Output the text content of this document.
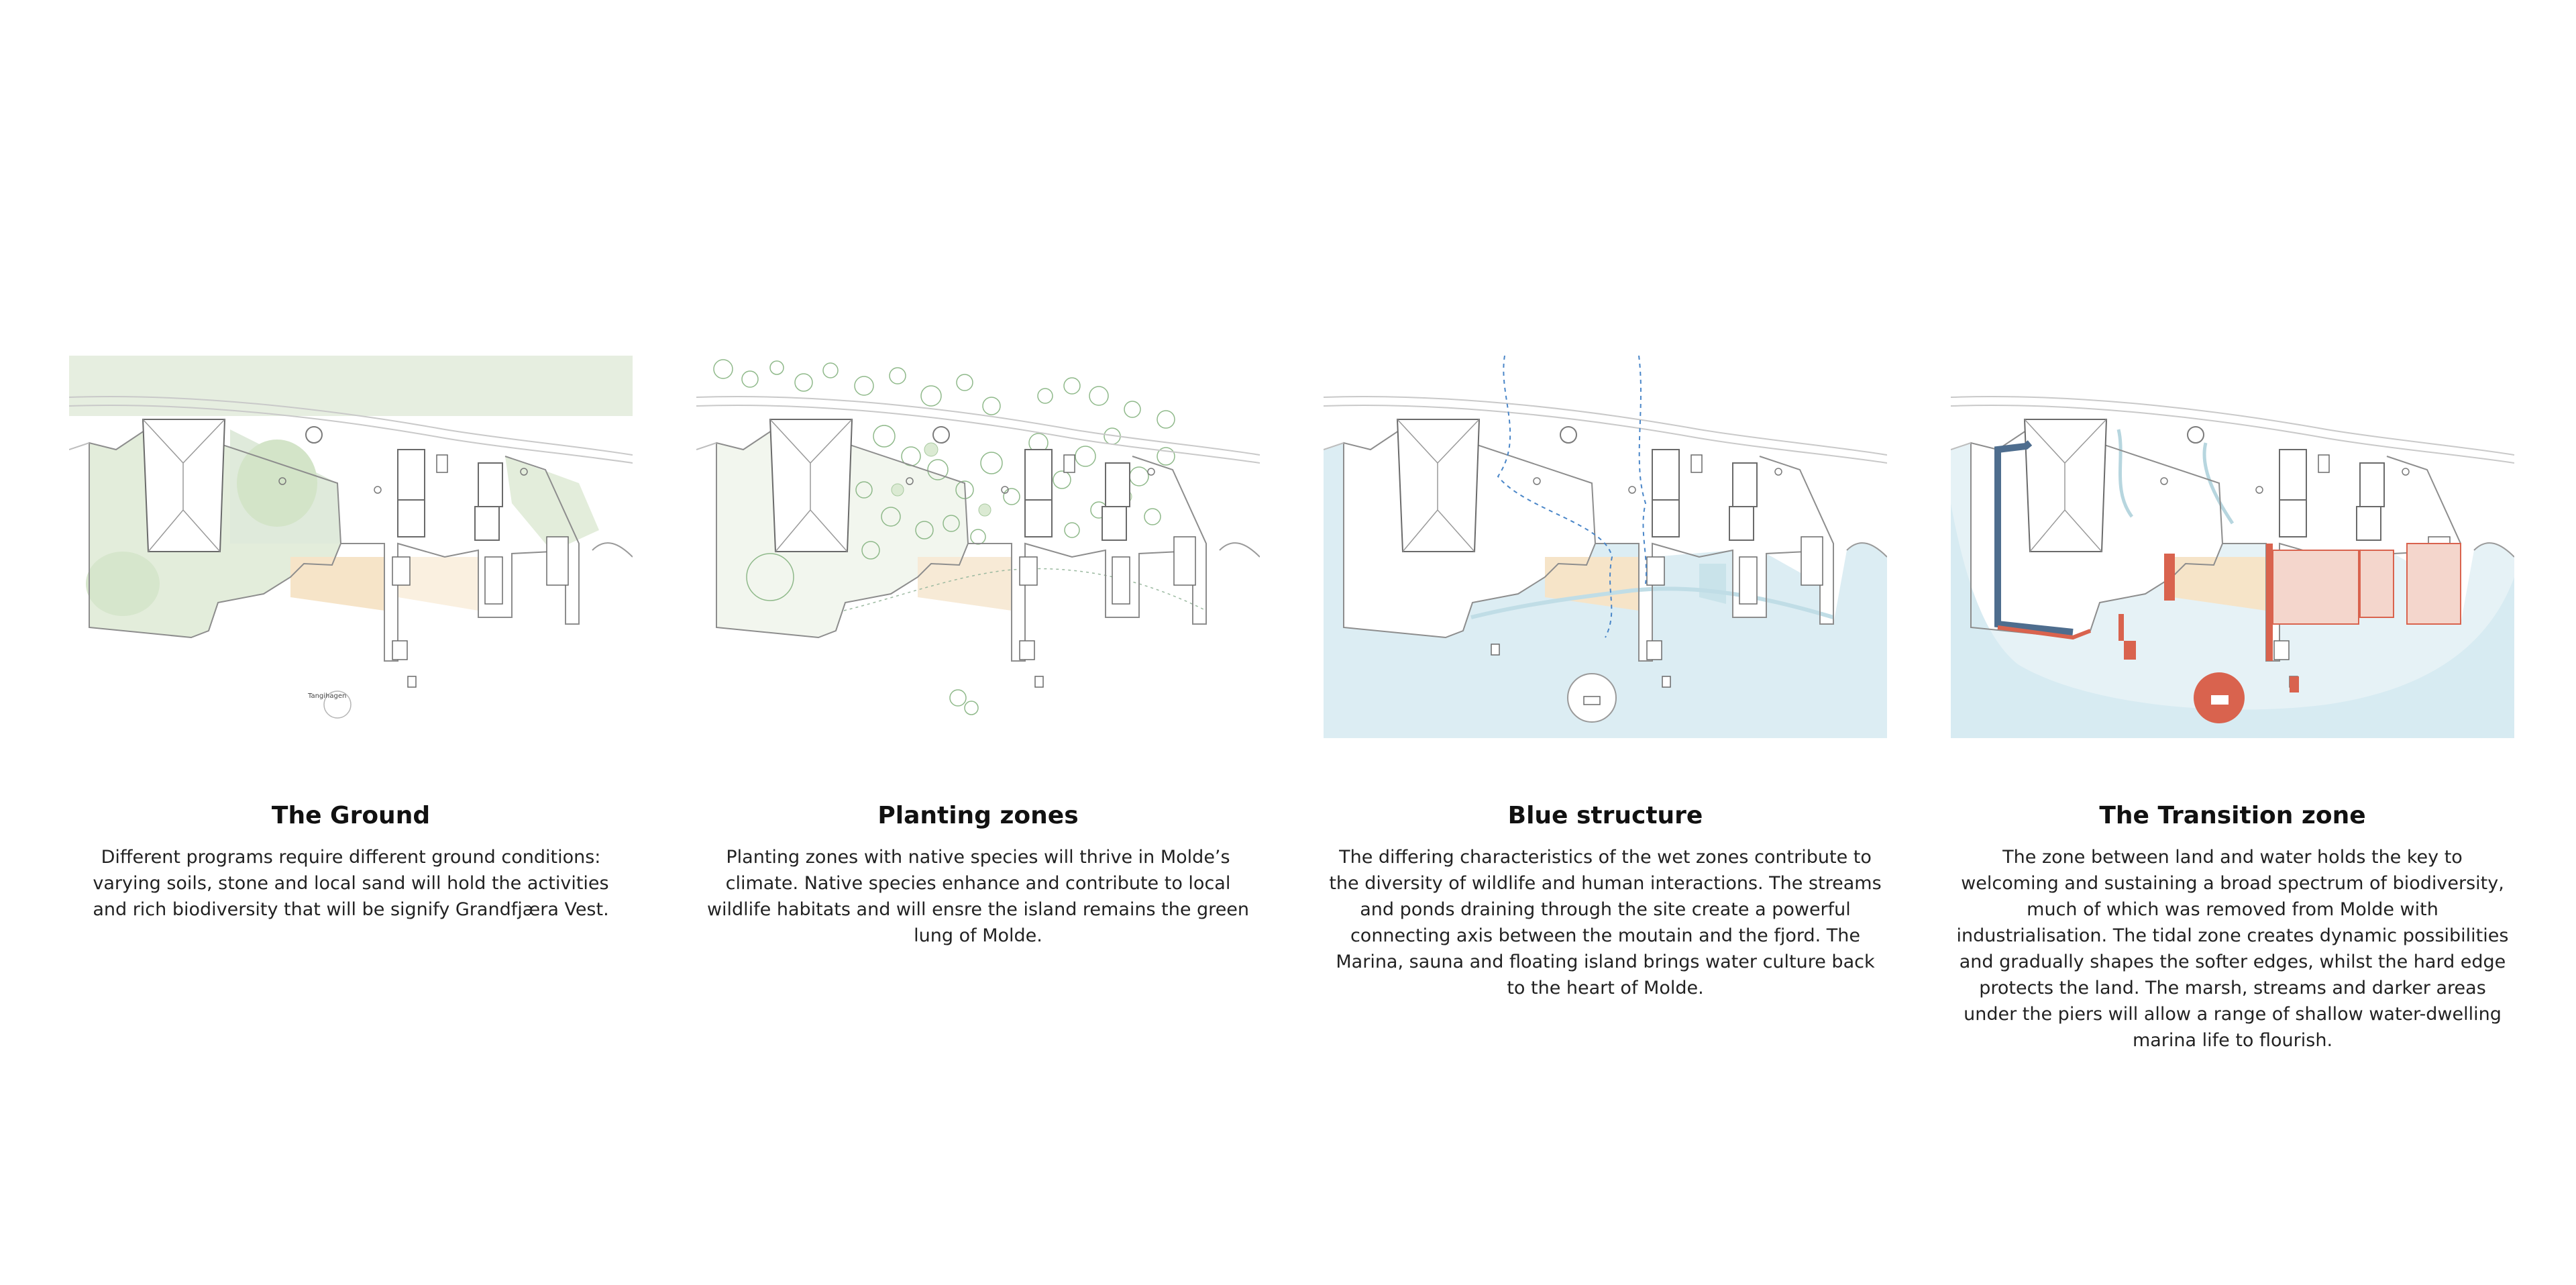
Tangihagen
The Ground

Different programs require different ground conditions: varying soils, stone and local sand will hold the activities and rich biodiversity that will be signify Grandfjæra Vest.

Planting zones

Planting zones with native species will thrive in Molde’s climate. Native species enhance and contribute to local wildlife habitats and will ensre the island remains the green lung of Molde.

Blue structure

The differing characteristics of the wet zones contribute to the diversity of wildlife and human interactions. The streams and ponds draining through the site create a powerful connecting axis between the moutain and the fjord. The Marina, sauna and floating island brings water culture back to the heart of Molde.

The Transition zone

The zone between land and water holds the key to welcoming and sustaining a broad spectrum of biodiversity, much of which was removed from Molde with industrialisation. The tidal zone creates dynamic possibilities and gradually shapes the softer edges, whilst the hard edge protects the land. The marsh, streams and darker areas under the piers will allow a range of shallow water-dwelling marina life to flourish.
